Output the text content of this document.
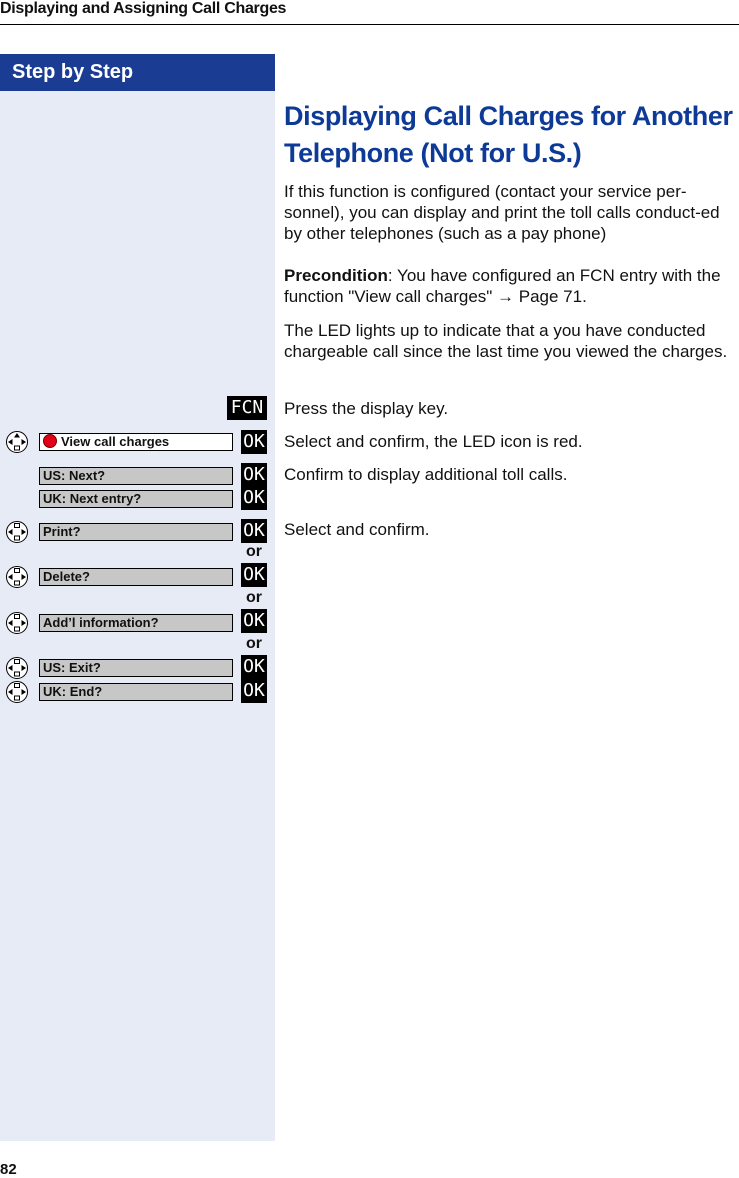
Displaying and Assigning Call Charges
Step by Step
Displaying Call Charges for Another Telephone (Not for U.S.)

If this function is configured (contact your service per-sonnel), you can display and print the toll calls conduct-ed by other telephones (such as a pay phone)

Precondition: You have configured an FCN entry with the function "View call charges" → Page 71.

The LED lights up to indicate that a you have conducted chargeable call since the last time you viewed the charges.

FCN Press the display key.
View call charges	OK Select and confirm, the LED icon is red.
US: Next?	OK Confirm to display additional toll calls.
UK: Next entry?	OK
Print?	OK Select and confirm.
or
Delete?	OK
or
Add’l information?	OK
or
US: Exit?	OK
UK: End?	OK
82
